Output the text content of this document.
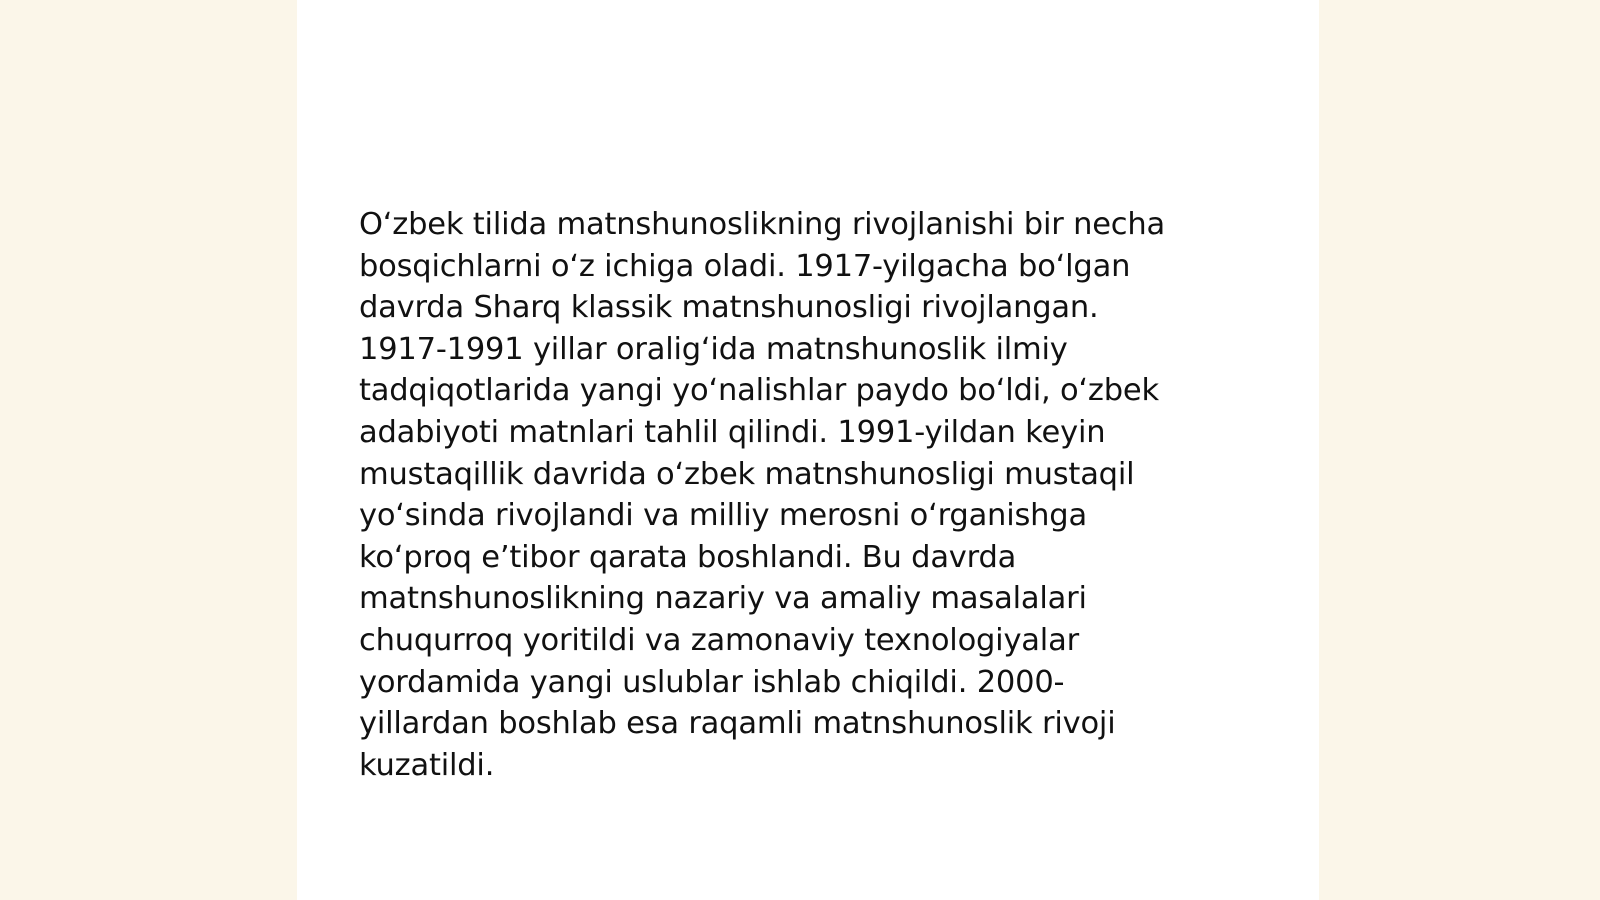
O‘zbek tilida matnshunoslikning rivojlanishi bir necha
bosqichlarni o‘z ichiga oladi. 1917-yilgacha bo‘lgan
davrda Sharq klassik matnshunosligi rivojlangan.
1917-1991 yillar oralig‘ida matnshunoslik ilmiy
tadqiqotlarida yangi yo‘nalishlar paydo bo‘ldi, o‘zbek
adabiyoti matnlari tahlil qilindi. 1991-yildan keyin
mustaqillik davrida o‘zbek matnshunosligi mustaqil
yo‘sinda rivojlandi va milliy merosni o‘rganishga
ko‘proq e’tibor qarata boshlandi. Bu davrda
matnshunoslikning nazariy va amaliy masalalari
chuqurroq yoritildi va zamonaviy texnologiyalar
yordamida yangi uslublar ishlab chiqildi. 2000-
yillardan boshlab esa raqamli matnshunoslik rivoji
kuzatildi.
